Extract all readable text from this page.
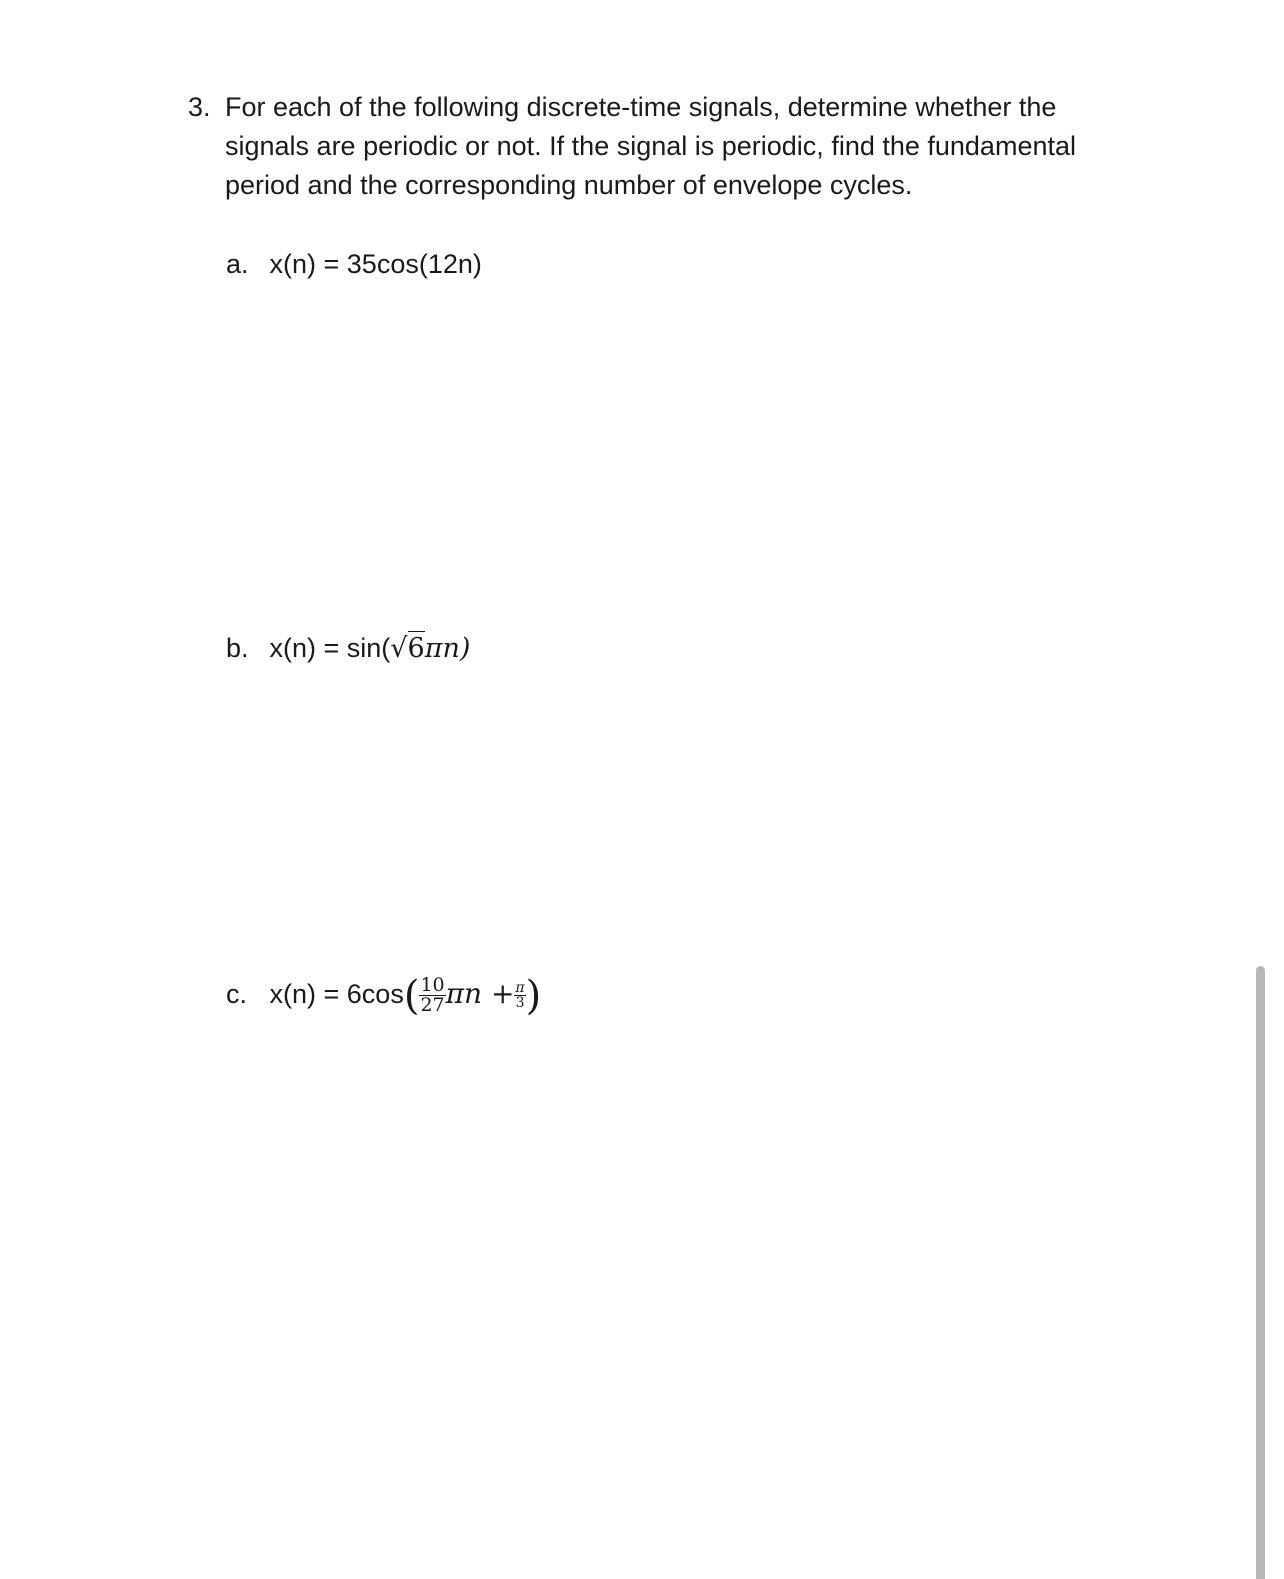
3. For each of the following discrete-time signals, determine whether the signals are periodic or not. If the signal is periodic, find the fundamental period and the corresponding number of envelope cycles.
a. x(n) = 35cos(12n)
b. x(n) = sin(√6πn)
c. $x(n) = 6\cos( \frac{10}{27}$ $\pi n + \frac{\pi}{3}$ )
